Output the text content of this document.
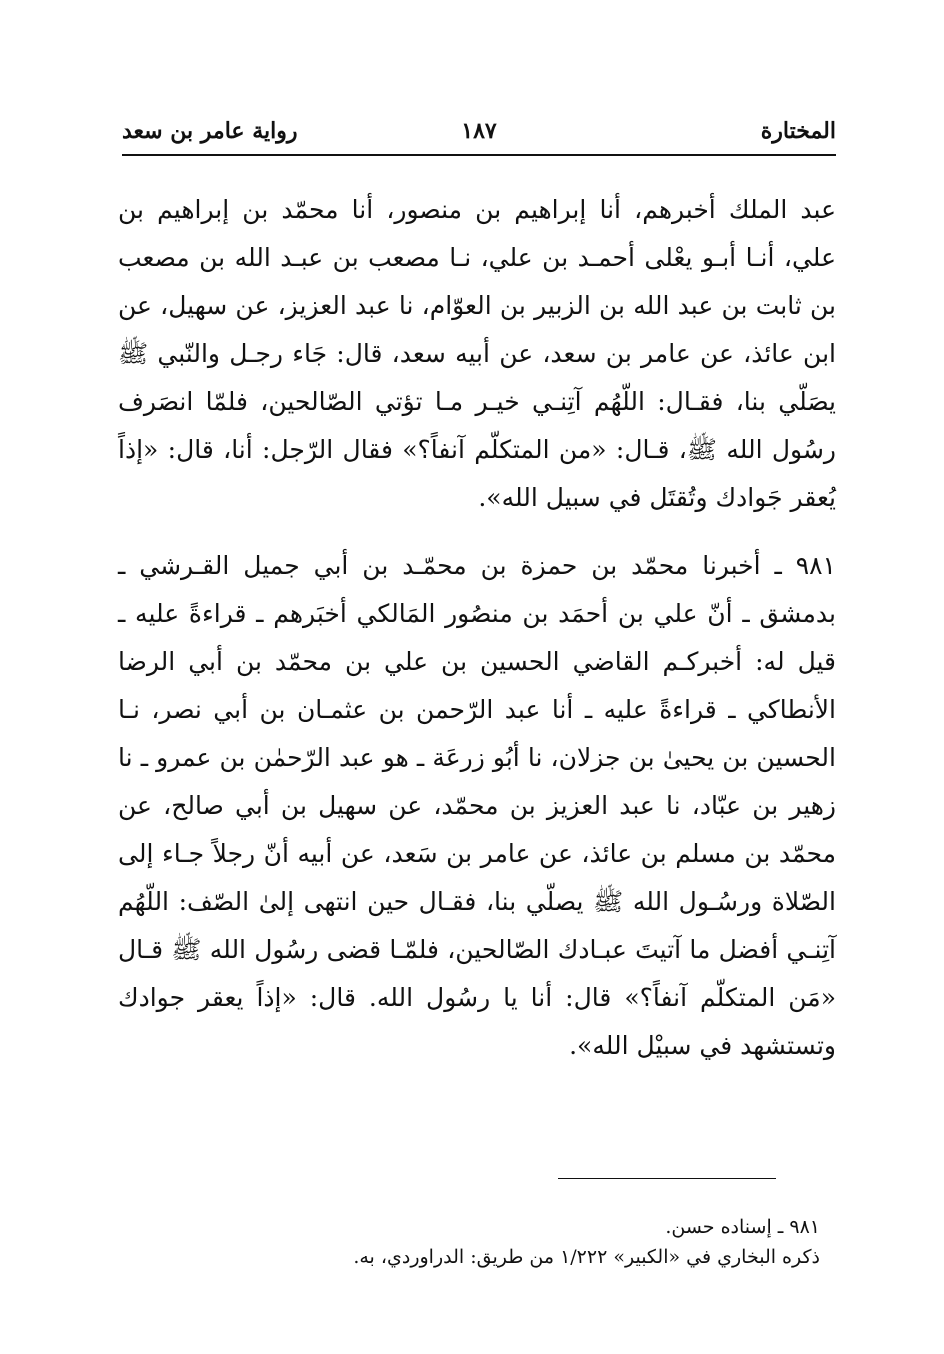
المختارة
١٨٧
رواية عامر بن سعد

عبد الملك أخبرهم، أنا إبراهيم بن منصور، أنا محمّد بن إبراهيم بن علي، أنـا أبـو يعْلى أحمـد بن علي، نـا مصعب بن عبـد الله بن مصعب بن ثابت بن عبد الله بن الزبير بن العوّام، نا عبد العزيز، عن سهيل، عن ابن عائذ، عن عامر بن سعد، عن أبيه سعد، قال: جَاء رجـل والنّبي ﷺ يصَلّي بنا، فقـال: اللّهُم آتِنـي خيـر مـا تؤتي الصّالحين، فلمّا انصَرف رسُول الله ﷺ، قـال: «من المتكلّم آنفاً؟» فقال الرّجل: أنا، قال: «إذاً يُعقر جَوادك وتُقتَل في سبيل الله».

٩٨١ ـ أخبرنا محمّد بن حمزة بن محمّـد بن أبي جميل القـرشي ـ بدمشق ـ أنّ علي بن أحمَد بن منصُور المَالكي أخبَرهم ـ قراءةً عليه ـ قيل له: أخبركـم القاضي الحسين بن علي بن محمّد بن أبي الرضا الأنطاكي ـ قراءةً عليه ـ أنا عبد الرّحمن بن عثمـان بن أبي نصر، نـا الحسين بن يحيىٰ بن جزلان، نا أبُو زرعَة ـ هو عبد الرّحمٰن بن عمرو ـ نا زهير بن عبّاد، نا عبد العزيز بن محمّد، عن سهيل بن أبي صالح، عن محمّد بن مسلم بن عائذ، عن عامر بن سَعد، عن أبيه أنّ رجلاً جـاء إلى الصّلاة ورسُـول الله ﷺ يصلّي بنا، فقـال حين انتهى إلىٰ الصّف: اللّهُم آتِنـي أفضل ما آتيتَ عبـادك الصّالحين، فلمّـا قضى رسُول الله ﷺ قـال «مَن المتكلّم آنفاً؟» قال: أنا يا رسُول الله. قال: «إذاً يعقر جوادك وتستشهد في سبيْل الله».

٩٨١ ـ إسناده حسن.

ذكره البخاري في «الكبير» ١/٢٢٢ من طريق: الدراوردي، به.
